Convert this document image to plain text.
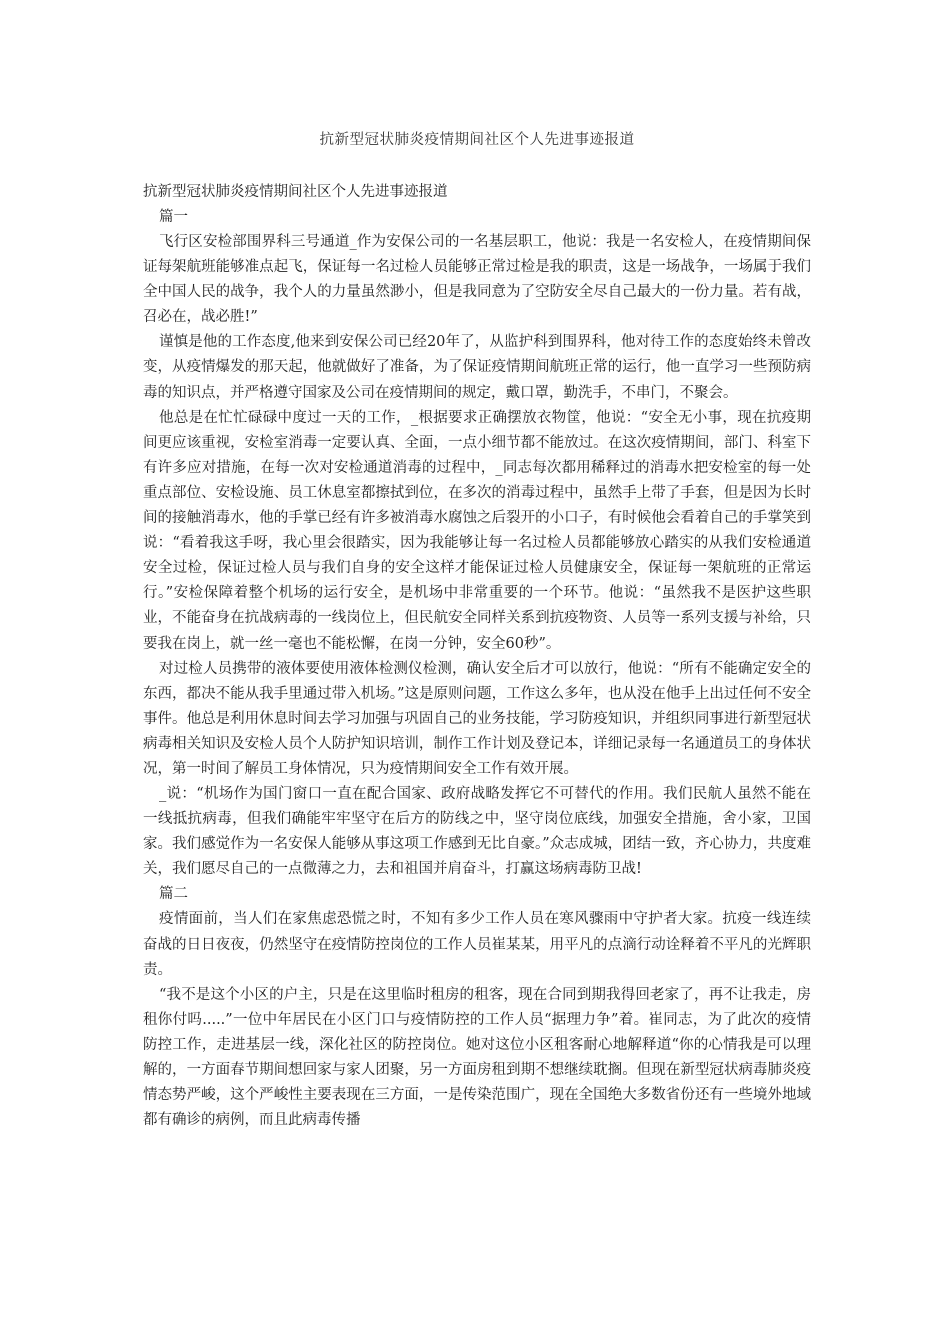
抗新型冠状肺炎疫情期间社区个人先进事迹报道

抗新型冠状肺炎疫情期间社区个人先进事迹报道

篇一

飞行区安检部围界科三号通道_作为安保公司的一名基层职工，他说：我是一名安检人，在疫情期间保证每架航班能够准点起飞，保证每一名过检人员能够正常过检是我的职责，这是一场战争，一场属于我们全中国人民的战争，我个人的力量虽然渺小，但是我同意为了空防安全尽自己最大的一份力量。若有战，召必在，战必胜!”

谨慎是他的工作态度,他来到安保公司已经20年了，从监护科到围界科，他对待工作的态度始终未曾改变，从疫情爆发的那天起，他就做好了准备，为了保证疫情期间航班正常的运行，他一直学习一些预防病毒的知识点，并严格遵守国家及公司在疫情期间的规定，戴口罩，勤洗手，不串门，不聚会。

他总是在忙忙碌碌中度过一天的工作，_根据要求正确摆放衣物筐，他说：“安全无小事，现在抗疫期间更应该重视，安检室消毒一定要认真、全面，一点小细节都不能放过。在这次疫情期间，部门、科室下有许多应对措施，在每一次对安检通道消毒的过程中，_同志每次都用稀释过的消毒水把安检室的每一处重点部位、安检设施、员工休息室都擦拭到位，在多次的消毒过程中，虽然手上带了手套，但是因为长时间的接触消毒水，他的手掌已经有许多被消毒水腐蚀之后裂开的小口子，有时候他会看着自己的手掌笑到说：“看着我这手呀，我心里会很踏实，因为我能够让每一名过检人员都能够放心踏实的从我们安检通道安全过检，保证过检人员与我们自身的安全这样才能保证过检人员健康安全，保证每一架航班的正常运行。”安检保障着整个机场的运行安全，是机场中非常重要的一个环节。他说：“虽然我不是医护这些职业，不能奋身在抗战病毒的一线岗位上，但民航安全同样关系到抗疫物资、人员等一系列支援与补给，只要我在岗上，就一丝一毫也不能松懈，在岗一分钟，安全60秒”。

对过检人员携带的液体要使用液体检测仪检测，确认安全后才可以放行，他说：“所有不能确定安全的东西，都决不能从我手里通过带入机场。”这是原则问题，工作这么多年，也从没在他手上出过任何不安全事件。他总是利用休息时间去学习加强与巩固自己的业务技能，学习防疫知识，并组织同事进行新型冠状病毒相关知识及安检人员个人防护知识培训，制作工作计划及登记本，详细记录每一名通道员工的身体状况，第一时间了解员工身体情况，只为疫情期间安全工作有效开展。

_说：“机场作为国门窗口一直在配合国家、政府战略发挥它不可替代的作用。我们民航人虽然不能在一线抵抗病毒，但我们确能牢牢坚守在后方的防线之中，坚守岗位底线，加强安全措施，舍小家，卫国家。我们感觉作为一名安保人能够从事这项工作感到无比自豪。”众志成城，团结一致，齐心协力，共度难关，我们愿尽自己的一点微薄之力，去和祖国并肩奋斗，打赢这场病毒防卫战!

篇二

疫情面前，当人们在家焦虑恐慌之时，不知有多少工作人员在寒风骤雨中守护者大家。抗疫一线连续奋战的日日夜夜，仍然坚守在疫情防控岗位的工作人员崔某某，用平凡的点滴行动诠释着不平凡的光辉职责。

“我不是这个小区的户主，只是在这里临时租房的租客，现在合同到期我得回老家了，再不让我走，房租你付吗.....”一位中年居民在小区门口与疫情防控的工作人员“据理力争”着。崔同志，为了此次的疫情防控工作，走进基层一线，深化社区的防控岗位。她对这位小区租客耐心地解释道“你的心情我是可以理解的，一方面春节期间想回家与家人团聚，另一方面房租到期不想继续耽搁。但现在新型冠状病毒肺炎疫情态势严峻，这个严峻性主要表现在三方面，一是传染范围广，现在全国绝大多数省份还有一些境外地域都有确诊的病例，而且此病毒传播
